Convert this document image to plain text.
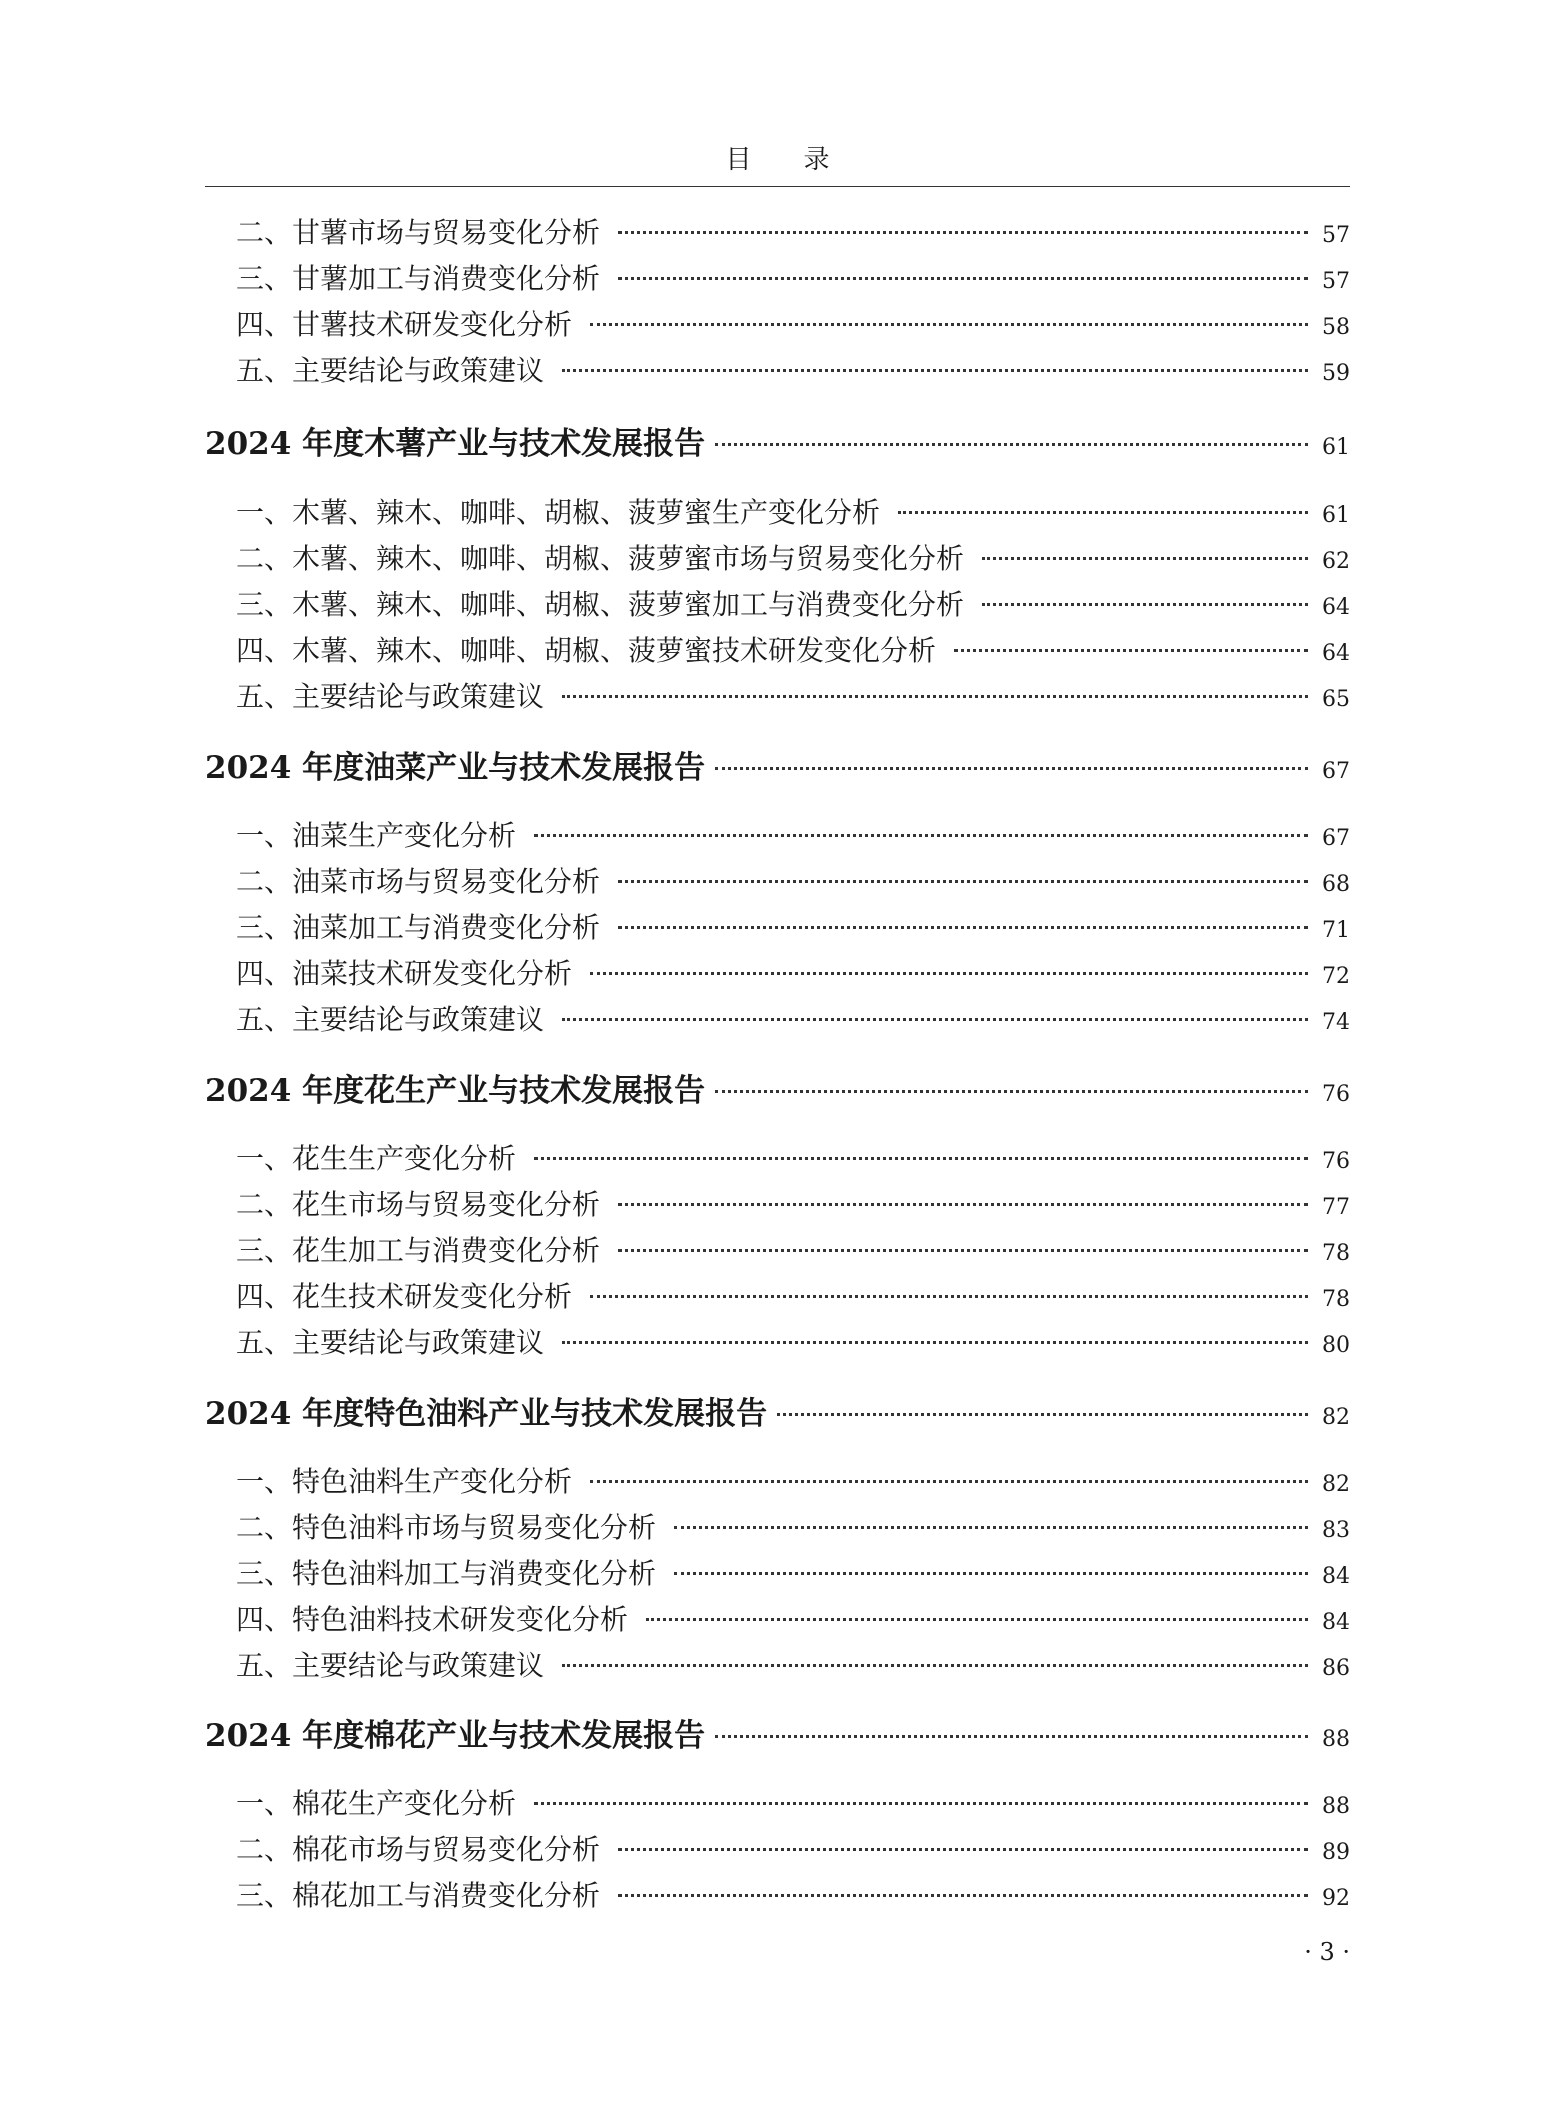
目 录
二、甘薯市场与贸易变化分析	57
三、甘薯加工与消费变化分析	57
四、甘薯技术研发变化分析	58
五、主要结论与政策建议	59
2024 年度木薯产业与技术发展报告	61
一、木薯、辣木、咖啡、胡椒、菠萝蜜生产变化分析	61
二、木薯、辣木、咖啡、胡椒、菠萝蜜市场与贸易变化分析	62
三、木薯、辣木、咖啡、胡椒、菠萝蜜加工与消费变化分析	64
四、木薯、辣木、咖啡、胡椒、菠萝蜜技术研发变化分析	64
五、主要结论与政策建议	65
2024 年度油菜产业与技术发展报告	67
一、油菜生产变化分析	67
二、油菜市场与贸易变化分析	68
三、油菜加工与消费变化分析	71
四、油菜技术研发变化分析	72
五、主要结论与政策建议	74
2024 年度花生产业与技术发展报告	76
一、花生生产变化分析	76
二、花生市场与贸易变化分析	77
三、花生加工与消费变化分析	78
四、花生技术研发变化分析	78
五、主要结论与政策建议	80
2024 年度特色油料产业与技术发展报告	82
一、特色油料生产变化分析	82
二、特色油料市场与贸易变化分析	83
三、特色油料加工与消费变化分析	84
四、特色油料技术研发变化分析	84
五、主要结论与政策建议	86
2024 年度棉花产业与技术发展报告	88
一、棉花生产变化分析	88
二、棉花市场与贸易变化分析	89
三、棉花加工与消费变化分析	92
· 3 ·
